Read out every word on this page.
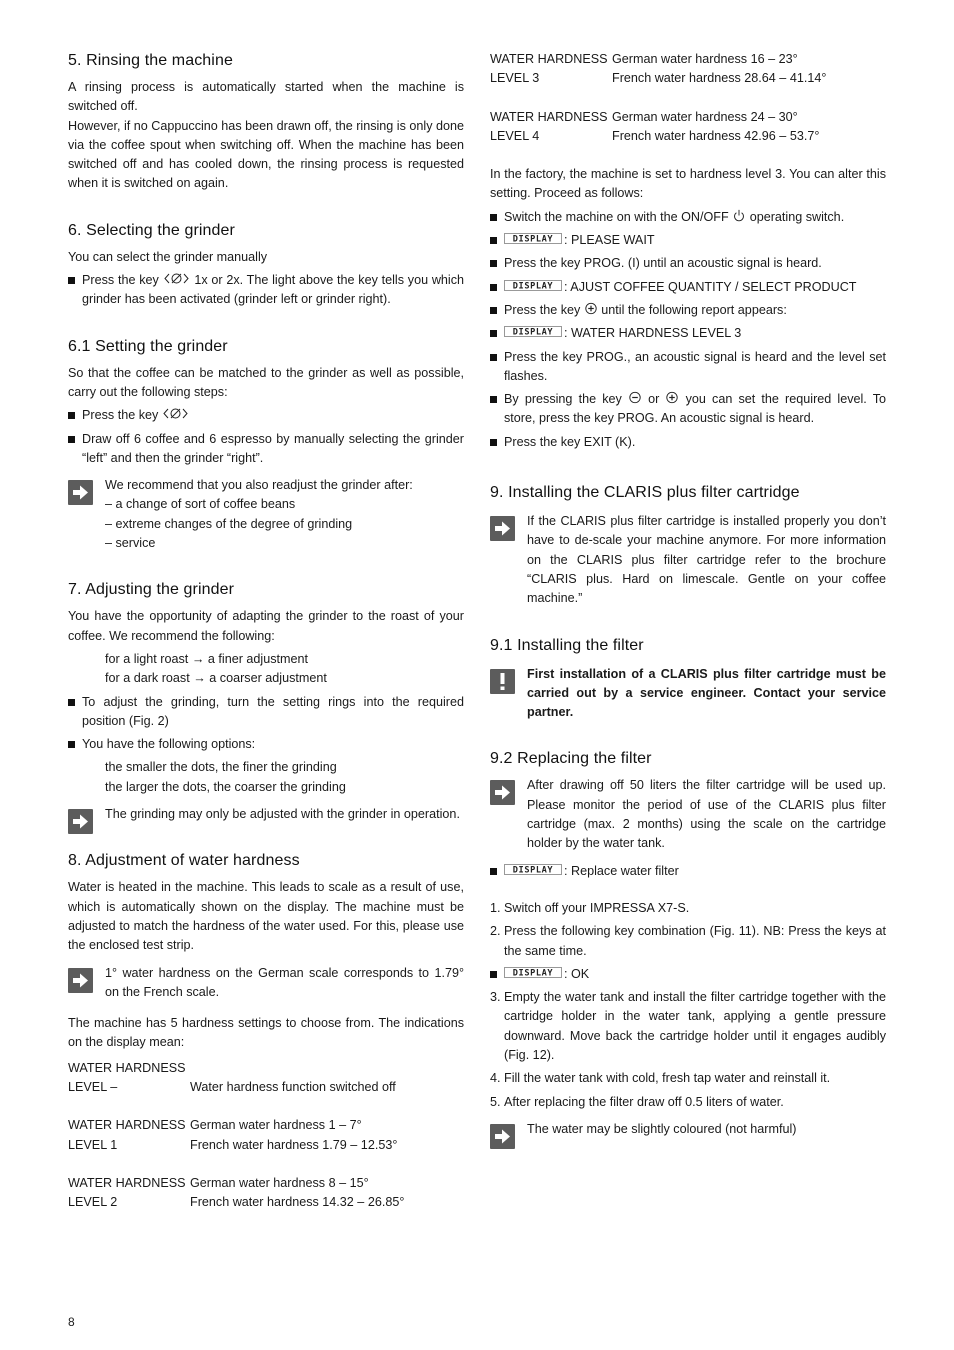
5. Rinsing the machine

A rinsing process is automatically started when the machine is switched off.

However, if no Cappuccino has been drawn off, the rinsing is only done via the coffee spout when switching off. When the machine has been switched off and has cooled down, the rinsing process is requested when it is switched on again.

6. Selecting the grinder

You can select the grinder manually

Press the key	1x or 2x. The light above the key tells you which grinder has been activated (grinder left or grinder right).
6.1 Setting the grinder

So that the coffee can be matched to the grinder as well as possible, carry out the following steps:

Press the key
Draw off 6 coffee and 6 espresso by manually selecting the grinder “left” and then the grinder “right”.
We recommend that you also readjust the grinder after:
– a change of sort of coffee beans
– extreme changes of the degree of grinding
– service
7. Adjusting the grinder

You have the opportunity of adapting the grinder to the roast of your coffee. We recommend the following:

for a light roast → a finer adjustment
for a dark roast → a coarser adjustment
To adjust the grinding, turn the setting rings into the required position (Fig. 2)
You have the following options:
the smaller the dots, the finer the grinding
the larger the dots, the coarser the grinding

The grinding may only be adjusted with the grinder in operation.

8. Adjustment of water hardness

Water is heated in the machine. This leads to scale as a result of use, which is automatically shown on the display. The machine must be adjusted to match the hardness of the water used. For this, please use the enclosed test strip.

1° water hardness on the German scale corresponds to 1.79° on the French scale.

The machine has 5 hardness settings to choose from. The indications on the display mean:

WATER HARDNESS
LEVEL –	Water hardness function switched off
WATER HARDNESS German water hardness 1 – 7°
LEVEL 1	French water hardness 1.79 – 12.53°
WATER HARDNESS German water hardness 8 – 15°
LEVEL 2	French water hardness 14.32 – 26.85°
WATER HARDNESS German water hardness 16 – 23°
LEVEL 3	French water hardness 28.64 – 41.14°
WATER HARDNESS German water hardness 24 – 30°
LEVEL 4	French water hardness 42.96 – 53.7°

In the factory, the machine is set to hardness level 3. You can alter this setting. Proceed as follows:

Switch the machine on with the ON/OFF operating switch.
: PLEASE WAIT
Press the key PROG. (I) until an acoustic signal is heard.
: AJUST COFFEE QUANTITY / SELECT PRODUCT
Press the key until the following report appears:
: WATER HARDNESS LEVEL 3
Press the key PROG., an acoustic signal is heard and the level set flashes.
By pressing the key or you can set the required level. To store, press the key PROG. An acoustic signal is heard.
Press the key EXIT (K).
9. Installing the CLARIS plus filter cartridge

If the CLARIS plus filter cartridge is installed properly you don’t have to de-scale your machine anymore. For more information on the CLARIS plus filter cartridge refer to the brochure “CLARIS plus. Hard on limescale. Gentle on your coffee machine.”

9.1 Installing the filter

First installation of a CLARIS plus filter cartridge must be carried out by a service engineer. Contact your service partner.

9.2 Replacing the filter

After drawing off 50 liters the filter cartridge will be used up. Please monitor the period of use of the CLARIS plus filter cartridge (max. 2 months) using the scale on the cartridge holder by the water tank.

: Replace water filter
1. Switch off your IMPRESSA X7-S.
2. Press the following key combination (Fig. 11). NB: Press the keys at the same time.
: OK
3. Empty the water tank and install the filter cartridge together with the cartridge holder in the water tank, applying a gentle pressure downward. Move back the cartridge holder until it engages audibly (Fig. 12).
4. Fill the water tank with cold, fresh tap water and reinstall it.
5. After replacing the filter draw off 0.5 liters of water.

The water may be slightly coloured (not harmful)

8
